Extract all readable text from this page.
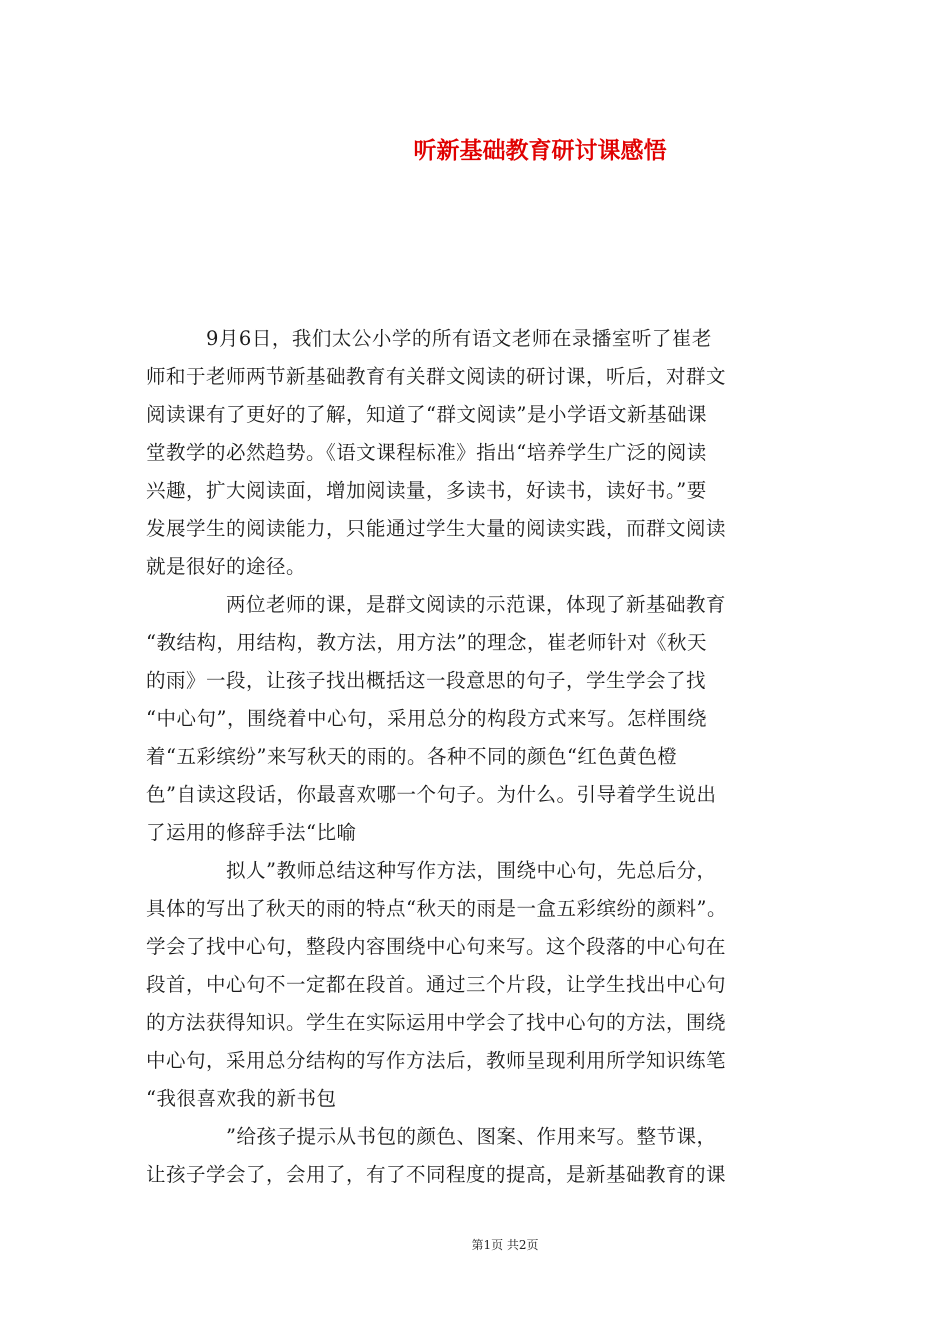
听新基础教育研讨课感悟
　　　9月6日，我们太公小学的所有语文老师在录播室听了崔老
师和于老师两节新基础教育有关群文阅读的研讨课，听后，对群文
阅读课有了更好的了解，知道了“群文阅读”是小学语文新基础课
堂教学的必然趋势。《语文课程标准》指出“培养学生广泛的阅读
兴趣，扩大阅读面，增加阅读量，多读书，好读书，读好书。”要
发展学生的阅读能力，只能通过学生大量的阅读实践，而群文阅读
就是很好的途径。
　　　　两位老师的课，是群文阅读的示范课，体现了新基础教育
“教结构，用结构，教方法，用方法”的理念，崔老师针对《秋天
的雨》一段，让孩子找出概括这一段意思的句子，学生学会了找
“中心句”，围绕着中心句，采用总分的构段方式来写。怎样围绕
着“五彩缤纷”来写秋天的雨的。各种不同的颜色“红色黄色橙
色”自读这段话，你最喜欢哪一个句子。为什么。引导着学生说出
了运用的修辞手法“比喻
　　　　拟人”教师总结这种写作方法，围绕中心句，先总后分，
具体的写出了秋天的雨的特点“秋天的雨是一盒五彩缤纷的颜料”。
学会了找中心句，整段内容围绕中心句来写。这个段落的中心句在
段首，中心句不一定都在段首。通过三个片段，让学生找出中心句
的方法获得知识。学生在实际运用中学会了找中心句的方法，围绕
中心句，采用总分结构的写作方法后，教师呈现利用所学知识练笔
“我很喜欢我的新书包
　　　　”给孩子提示从书包的颜色、图案、作用来写。整节课，
让孩子学会了，会用了，有了不同程度的提高，是新基础教育的课
第1页 共2页
